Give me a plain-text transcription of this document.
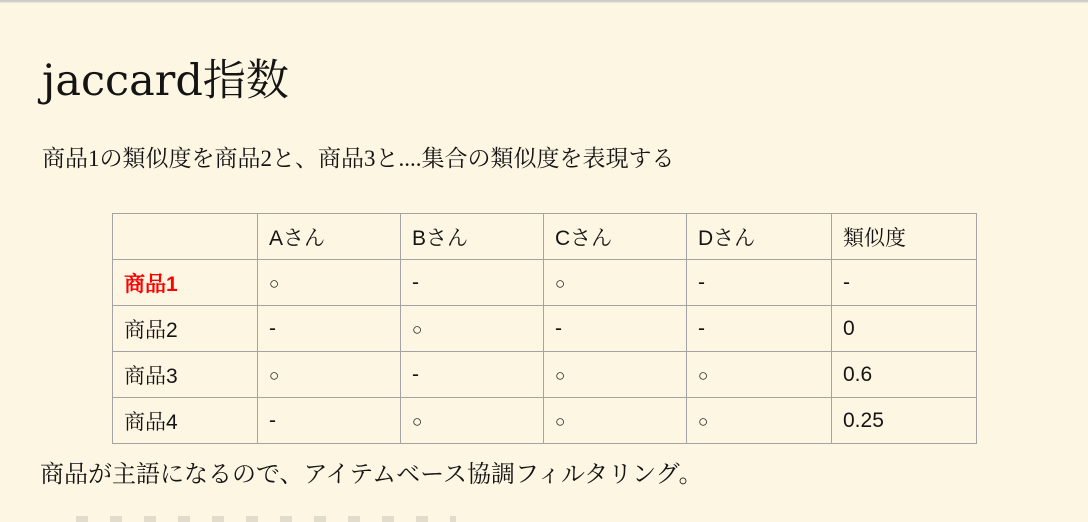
jaccard指数

商品1の類似度を商品2と、商品3と....集合の類似度を表現する

	Aさん	Bさん	Cさん	Dさん	類似度
商品1	○	-	○	-	-
商品2	-	○	-	-	0
商品3	○	-	○	○	0.6
商品4	-	○	○	○	0.25

商品が主語になるので、アイテムベース協調フィルタリング。
